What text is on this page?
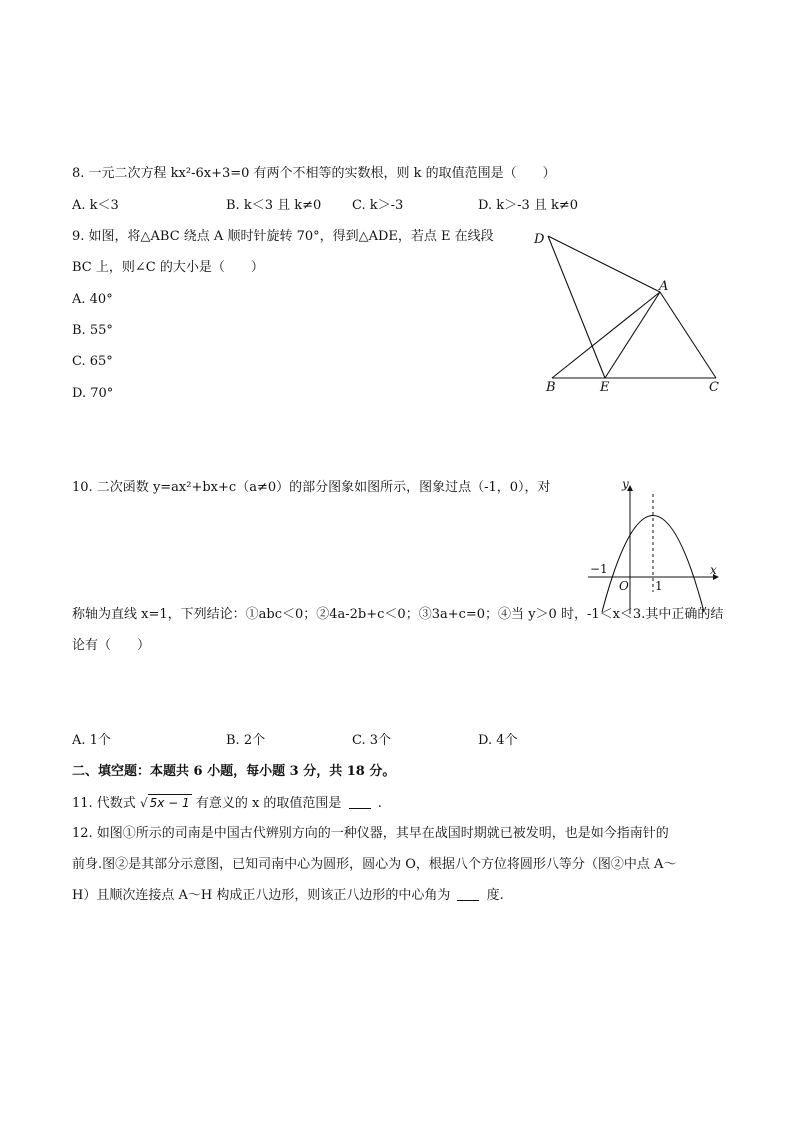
8. 一元二次方程 kx²-6x+3=0 有两个不相等的实数根，则 k 的取值范围是（　　）
A. k＜3	B. k＜3 且 k≠0 C. k＞-3	D. k＞-3 且 k≠0
9. 如图，将△ABC 绕点 A 顺时针旋转 70°，得到△ADE，若点 E 在线段
BC 上，则∠C 的大小是（　　）
A. 40°
B. 55°
C. 65°
D. 70°
D
A
B	E	C
10. 二次函数 y=ax²+bx+c（a≠0）的部分图象如图所示，图象过点（-1，0），对	y
x
O
−1
1
称轴为直线 x=1，下列结论：①abc＜0；②4a-2b+c＜0；③3a+c=0；④当 y＞0 时，-1＜x＜3.其中正确的结
论有（　　）
A. 1个	B. 2个	C. 3个	D. 4个
二、填空题：本题共 6 小题，每小题 3 分，共 18 分。
11. 代数式 √ 5x − 1 有意义的 x 的取值范围是	.
12. 如图①所示的司南是中国古代辨别方向的一种仪器，其早在战国时期就已被发明，也是如今指南针的
前身.图②是其部分示意图，已知司南中心为圆形，圆心为 O，根据八个方位将圆形八等分（图②中点 A～
H）且顺次连接点 A～H 构成正八边形，则该正八边形的中心角为	度.
